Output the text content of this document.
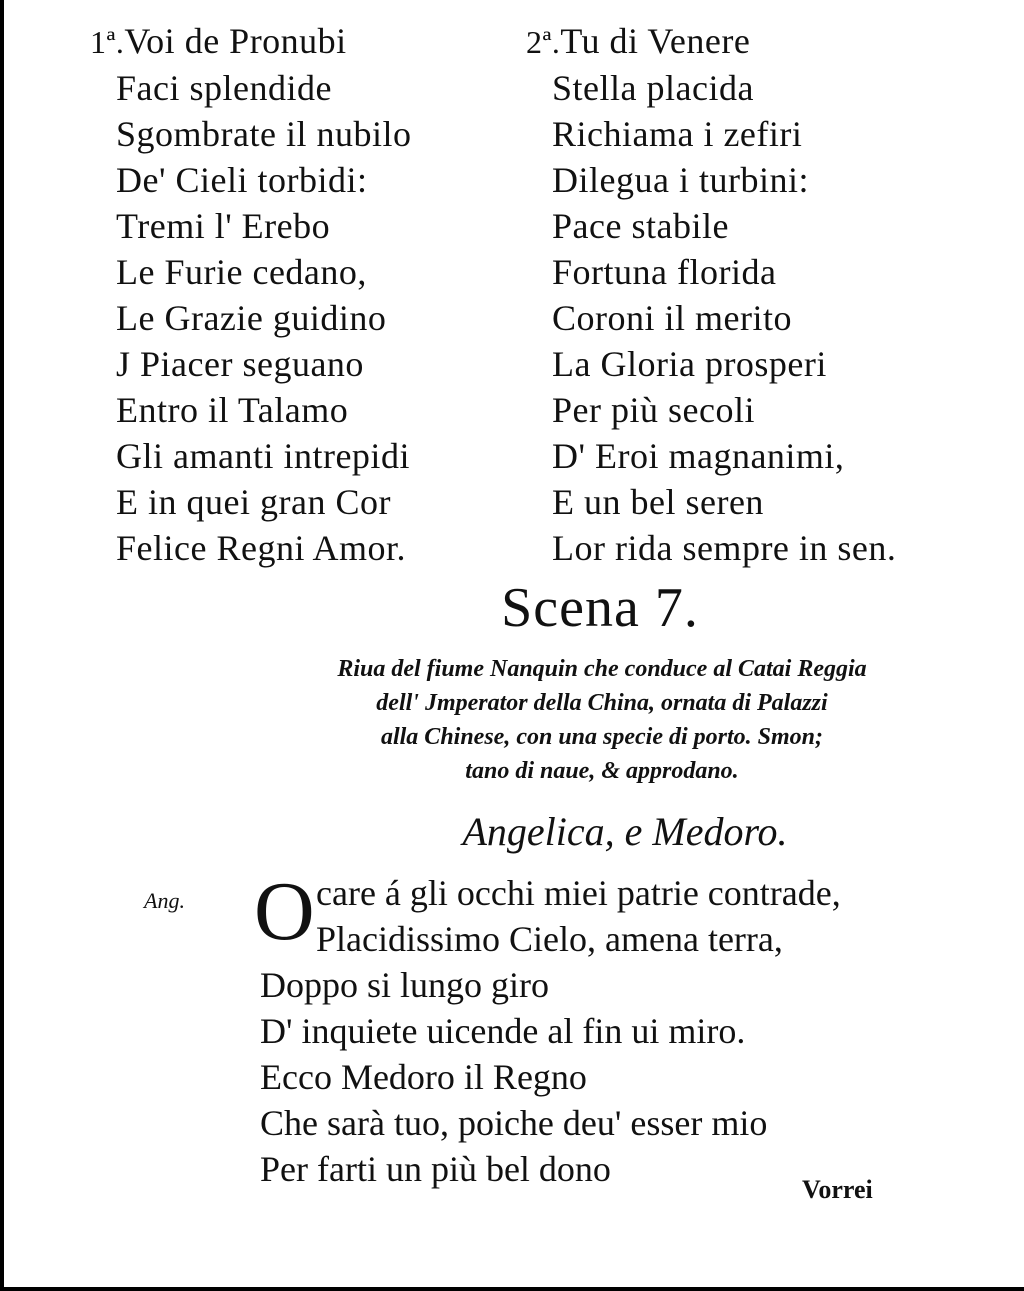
1ª.Voi de Pronubi
Faci splendide
Sgombrate il nubilo
De' Cieli torbidi:
Tremi l' Erebo
Le Furie cedano,
Le Grazie guidino
J Piacer seguano
Entro il Talamo
Gli amanti intrepidi
E in quei gran Cor
Felice Regni Amor.
2ª.Tu di Venere
Stella placida
Richiama i zefiri
Dilegua i turbini:
Pace stabile
Fortuna florida
Coroni il merito
La Gloria prosperi
Per più secoli
D' Eroi magnanimi,
E un bel seren
Lor rida sempre in sen.
Scena 7.
Riua del fiume Nanquin che conduce al Catai Reggia
dell' Jmperator della China, ornata di Palazzi
alla Chinese, con una specie di porto. Smon;
tano di naue, & approdano.
Angelica, e Medoro.
Ang. O care á gli occhi miei patrie contrade,
Placidissimo Cielo, amena terra,
Doppo si lungo giro
D' inquiete uicende al fin ui miro.
Ecco Medoro il Regno
Che sarà tuo, poiche deu' esser mio
Per farti un più bel dono
Vorrei
